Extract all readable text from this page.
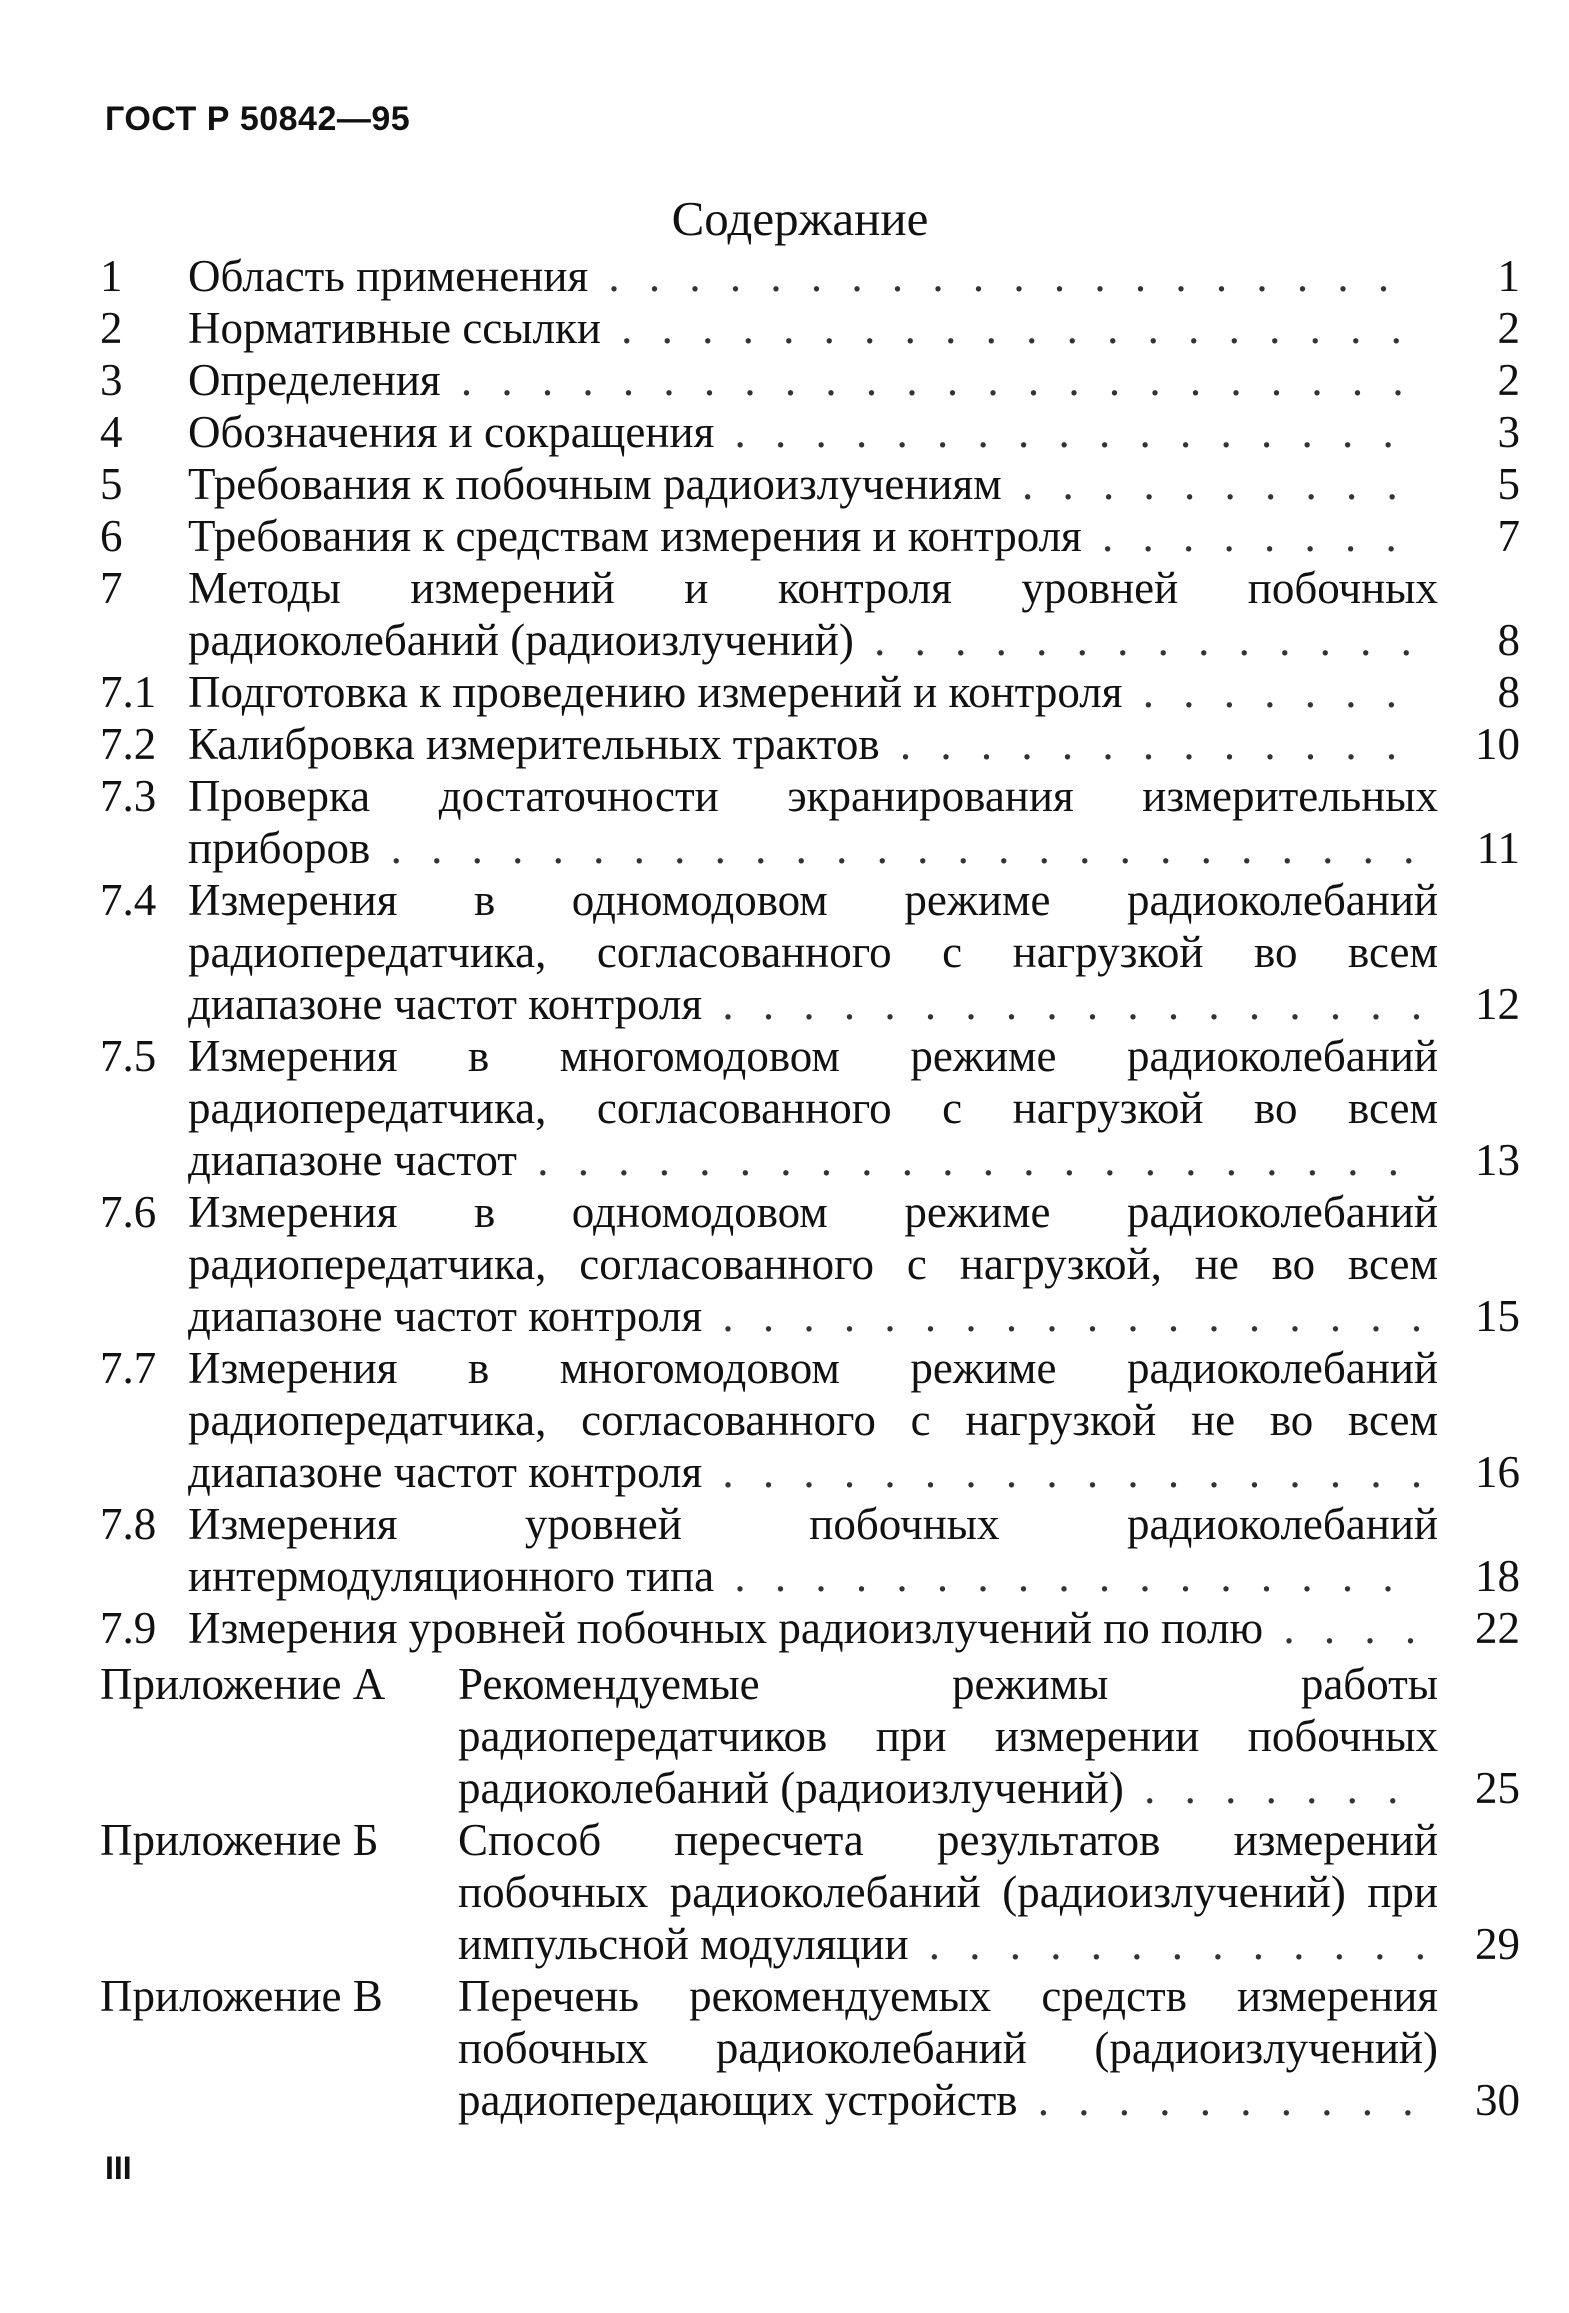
ГОСТ Р 50842—95
Содержание
1 Область применения . . . . . . . . . . . . . . . . . . . .	1
2 Нормативные ссылки . . . . . . . . . . . . . . . . . . . .	2
3 Определения . . . . . . . . . . . . . . . . . . . . . . . .	2
4 Обозначения и сокращения . . . . . . . . . . . . . . . . .	3
5 Требования к побочным радиоизлучениям . . . . . . . . . .	5
6 Требования к средствам измерения и контроля . . . . . . . .	7
7 Методы измерений и контроля уровней побочных радиоколебаний (радиоизлучений) . . . . . . . . . . . . . .	8
7.1 Подготовка к проведению измерений и контроля . . . . . . .	8
7.2 Калибровка измерительных трактов . . . . . . . . . . . . .	10
7.3 Проверка достаточности экранирования измерительных приборов . . . . . . . . . . . . . . . . . . . . . . . . . .	11
7.4 Измерения в одномодовом режиме радиоколебаний радиопередатчика, согласованного с нагрузкой во всем диапазоне частот контроля . . . . . . . . . . . . . . . . . . 12
7.5 Измерения в многомодовом режиме радиоколебаний радиопередатчика, согласованного с нагрузкой во всем диапазоне частот . . . . . . . . . . . . . . . . . . . . . .	13
7.6 Измерения в одномодовом режиме радиоколебаний радиопередатчика, согласованного с нагрузкой, не во всем диапазоне частот контроля . . . . . . . . . . . . . . . . . . 15
7.7 Измерения в многомодовом режиме радиоколебаний радиопередатчика, согласованного с нагрузкой не во всем диапазоне частот контроля . . . . . . . . . . . . . . . . . . 16
7.8 Измерения уровней побочных радиоколебаний интермодуляционного типа . . . . . . . . . . . . . . . . .	18
7.9 Измерения уровней побочных радиоизлучений по полю . . . .	22
Приложение А	Рекомендуемые режимы работы радиопередатчиков при измерении побочных радиоколебаний (радиоизлучений) . . . . . . .	25
Приложение Б	Способ пересчета результатов измерений побочных радиоколебаний (радиоизлучений) при импульсной модуляции . . . . . . . . . . . . . 29
Приложение В	Перечень рекомендуемых средств измерения побочных радиоколебаний (радиоизлучений) радиопередающих устройств . . . . . . . . . .	30
III
